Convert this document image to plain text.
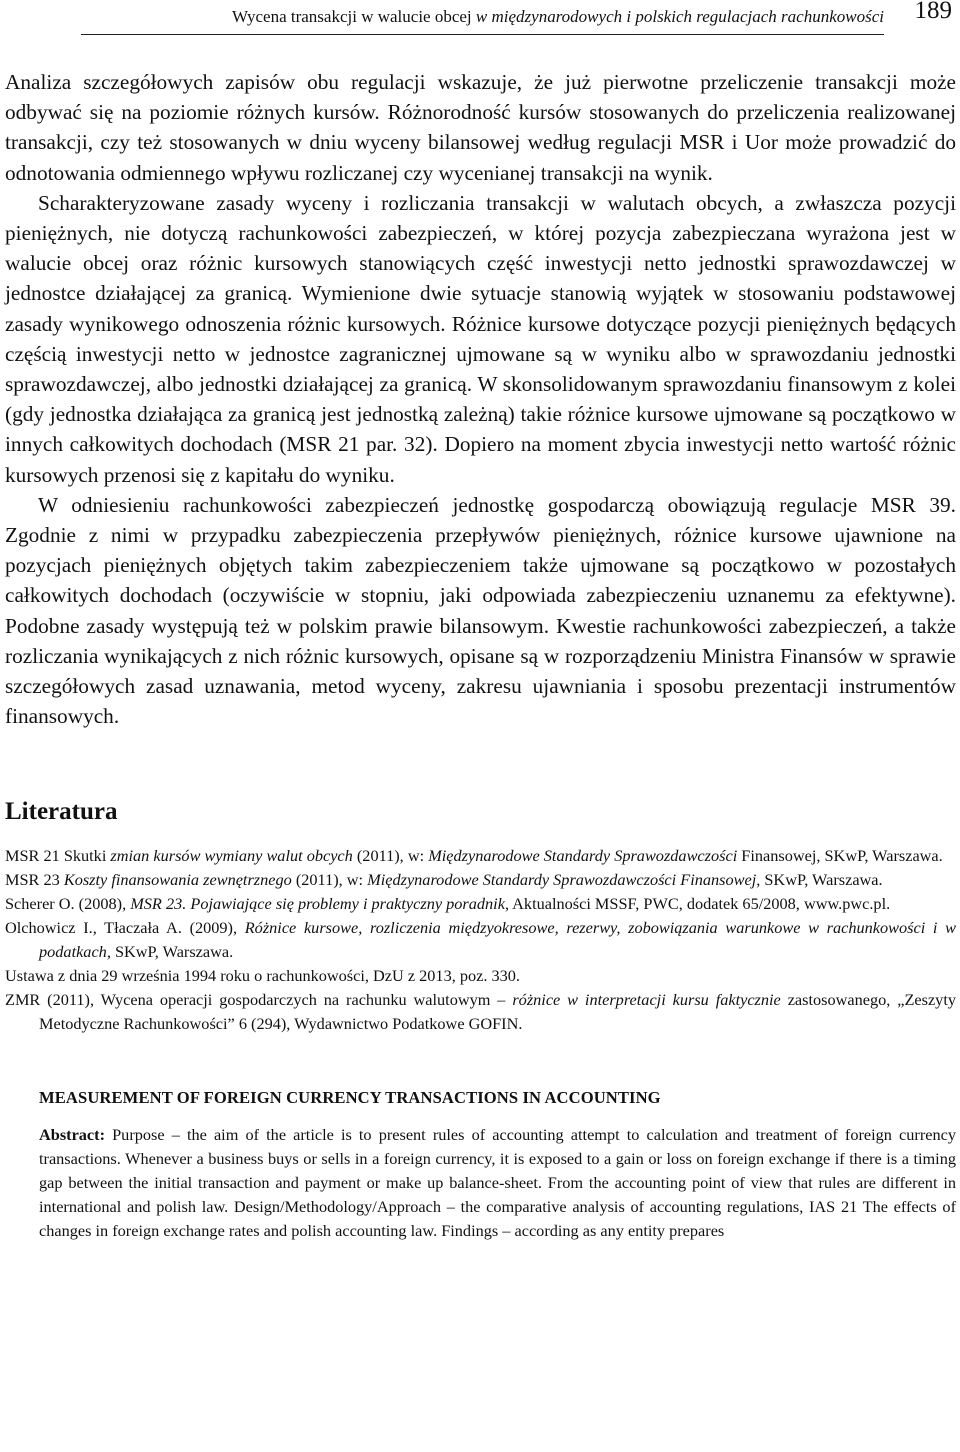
Wycena transakcji w walucie obcej w międzynarodowych i polskich regulacjach rachunkowości 189

Analiza szczegółowych zapisów obu regulacji wskazuje, że już pierwotne przeliczenie transakcji może odbywać się na poziomie różnych kursów. Różnorodność kursów stosowanych do przeliczenia realizowanej transakcji, czy też stosowanych w dniu wyceny bilansowej według regulacji MSR i Uor może prowadzić do odnotowania odmiennego wpływu rozliczanej czy wycenianej transakcji na wynik.

Scharakteryzowane zasady wyceny i rozliczania transakcji w walutach obcych, a zwłaszcza pozycji pieniężnych, nie dotyczą rachunkowości zabezpieczeń, w której pozycja zabezpieczana wyrażona jest w walucie obcej oraz różnic kursowych stanowiących część inwestycji netto jednostki sprawozdawczej w jednostce działającej za granicą. Wymienione dwie sytuacje stanowią wyjątek w stosowaniu podstawowej zasady wynikowego odnoszenia różnic kursowych. Różnice kursowe dotyczące pozycji pieniężnych będących częścią inwestycji netto w jednostce zagranicznej ujmowane są w wyniku albo w sprawozdaniu jednostki sprawozdawczej, albo jednostki działającej za granicą. W skonsolidowanym sprawozdaniu finansowym z kolei (gdy jednostka działająca za granicą jest jednostką zależną) takie różnice kursowe ujmowane są początkowo w innych całkowitych dochodach (MSR 21 par. 32). Dopiero na moment zbycia inwestycji netto wartość różnic kursowych przenosi się z kapitału do wyniku.

W odniesieniu rachunkowości zabezpieczeń jednostkę gospodarczą obowiązują regulacje MSR 39. Zgodnie z nimi w przypadku zabezpieczenia przepływów pieniężnych, różnice kursowe ujawnione na pozycjach pieniężnych objętych takim zabezpieczeniem także ujmowane są początkowo w pozostałych całkowitych dochodach (oczywiście w stopniu, jaki odpowiada zabezpieczeniu uznanemu za efektywne). Podobne zasady występują też w polskim prawie bilansowym. Kwestie rachunkowości zabezpieczeń, a także rozliczania wynikających z nich różnic kursowych, opisane są w rozporządzeniu Ministra Finansów w sprawie szczegółowych zasad uznawania, metod wyceny, zakresu ujawniania i sposobu prezentacji instrumentów finansowych.

Literatura

MSR 21 Skutki zmian kursów wymiany walut obcych (2011), w: Międzynarodowe Standardy Sprawozdawczości Finansowej, SKwP, Warszawa.

MSR 23 Koszty finansowania zewnętrznego (2011), w: Międzynarodowe Standardy Sprawozdawczości Finansowej, SKwP, Warszawa.

Scherer O. (2008), MSR 23. Pojawiające się problemy i praktyczny poradnik, Aktualności MSSF, PWC, dodatek 65/2008, www.pwc.pl.

Olchowicz I., Tłaczała A. (2009), Różnice kursowe, rozliczenia międzyokresowe, rezerwy, zobowiązania warunkowe w rachunkowości i w podatkach, SKwP, Warszawa.

Ustawa z dnia 29 września 1994 roku o rachunkowości, DzU z 2013, poz. 330.

ZMR (2011), Wycena operacji gospodarczych na rachunku walutowym – różnice w interpretacji kursu faktycznie zastosowanego, „Zeszyty Metodyczne Rachunkowości” 6 (294), Wydawnictwo Podatkowe GOFIN.

MEASUREMENT OF FOREIGN CURRENCY TRANSACTIONS IN ACCOUNTING
Abstract: Purpose – the aim of the article is to present rules of accounting attempt to calculation and treatment of foreign currency transactions. Whenever a business buys or sells in a foreign currency, it is exposed to a gain or loss on foreign exchange if there is a timing gap between the initial transaction and payment or make up balance-sheet. From the accounting point of view that rules are different in international and polish law. Design/Methodology/Approach – the comparative analysis of accounting regulations, IAS 21 The effects of changes in foreign exchange rates and polish accounting law. Findings – according as any entity prepares
